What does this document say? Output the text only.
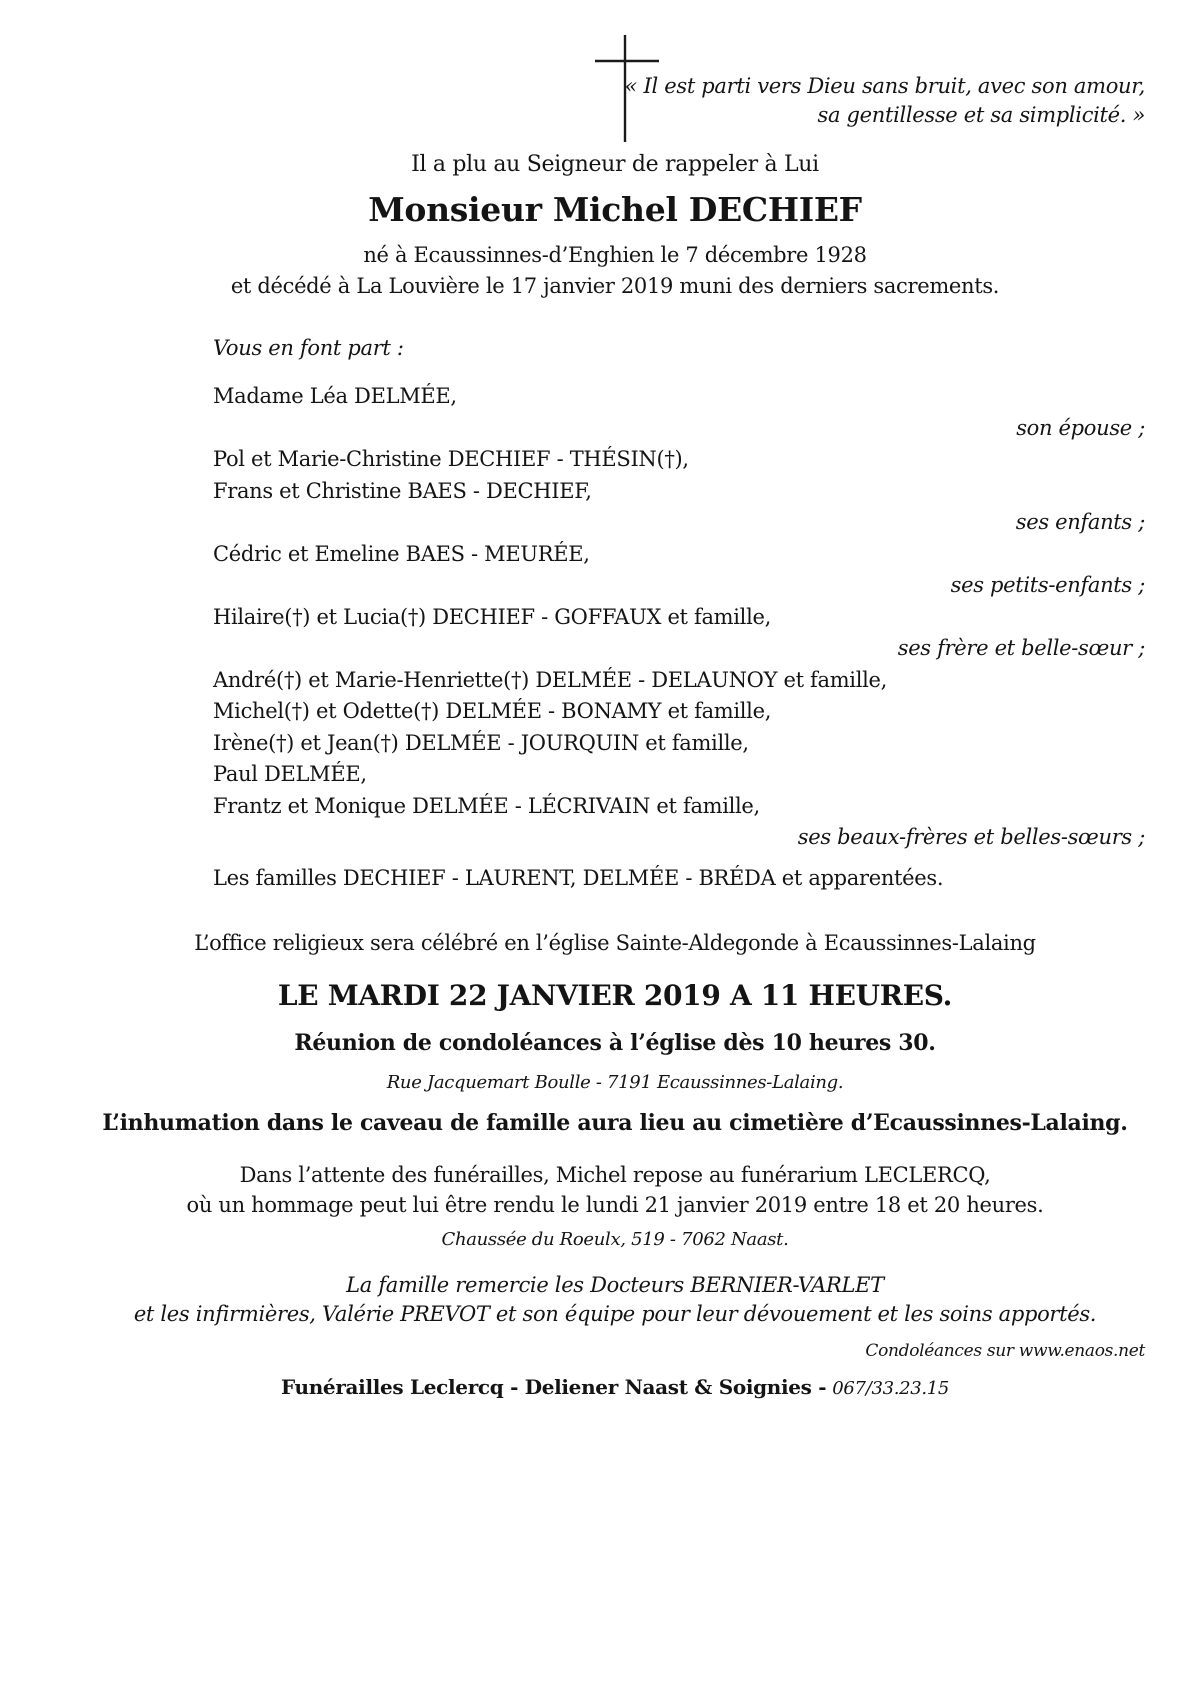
« Il est parti vers Dieu sans bruit, avec son amour,
sa gentillesse et sa simplicité. »
Il a plu au Seigneur de rappeler à Lui
Monsieur Michel DECHIEF
né à Ecaussinnes-d’Enghien le 7 décembre 1928
et décédé à La Louvière le 17 janvier 2019 muni des derniers sacrements.
Vous en font part :
Madame Léa DELMÉE,
son épouse ;
Pol et Marie-Christine DECHIEF - THÉSIN(†),
Frans et Christine BAES - DECHIEF,
ses enfants ;
Cédric et Emeline BAES - MEURÉE,
ses petits-enfants ;
Hilaire(†) et Lucia(†) DECHIEF - GOFFAUX et famille,
ses frère et belle-sœur ;
André(†) et Marie-Henriette(†) DELMÉE - DELAUNOY et famille,
Michel(†) et Odette(†) DELMÉE - BONAMY et famille,
Irène(†) et Jean(†) DELMÉE - JOURQUIN et famille,
Paul DELMÉE,
Frantz et Monique DELMÉE - LÉCRIVAIN et famille,
ses beaux-frères et belles-sœurs ;
Les familles DECHIEF - LAURENT, DELMÉE - BRÉDA et apparentées.
L’office religieux sera célébré en l’église Sainte-Aldegonde à Ecaussinnes-Lalaing
LE MARDI 22 JANVIER 2019 A 11 HEURES.
Réunion de condoléances à l’église dès 10 heures 30.
Rue Jacquemart Boulle - 7191 Ecaussinnes-Lalaing.
L’inhumation dans le caveau de famille aura lieu au cimetière d’Ecaussinnes-Lalaing.
Dans l’attente des funérailles, Michel repose au funérarium LECLERCQ,
où un hommage peut lui être rendu le lundi 21 janvier 2019 entre 18 et 20 heures.
Chaussée du Roeulx, 519 - 7062 Naast.
La famille remercie les Docteurs BERNIER-VARLET
et les infirmières, Valérie PREVOT et son équipe pour leur dévouement et les soins apportés.
Condoléances sur www.enaos.net
Funérailles Leclercq - Deliener Naast & Soignies - 067/33.23.15
